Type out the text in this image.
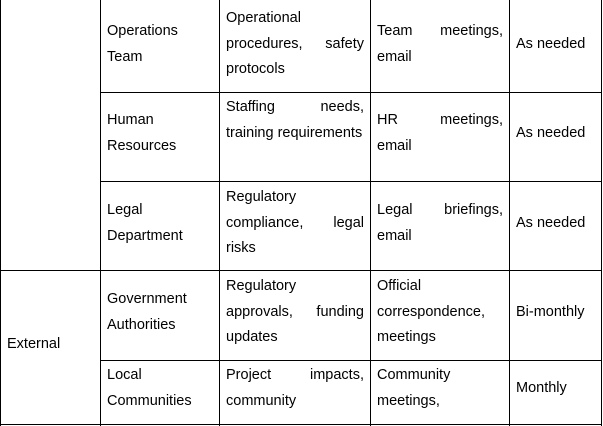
External
Operations Team
Operational procedures, safety protocols
Team meetings, email
As needed
Human Resources
Staffing needs, training requirements
HR meetings, email
As needed
Legal Department
Regulatory compliance, legal risks
Legal briefings, email
As needed
Government Authorities
Regulatory approvals, funding updates
Official correspondence, meetings
Bi-monthly
Local Communities
Project impacts, community
Community meetings,
Monthly
